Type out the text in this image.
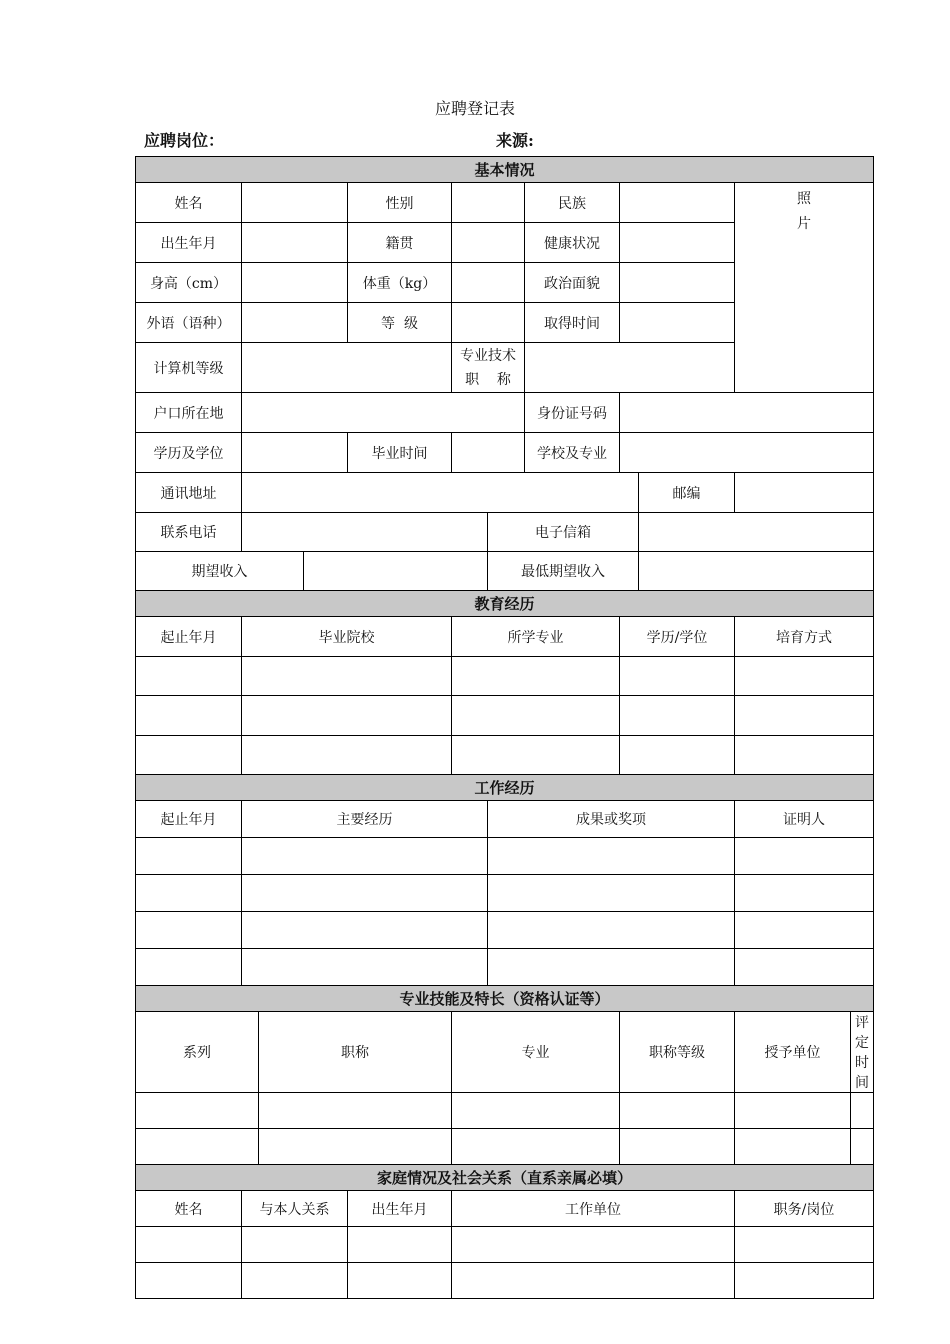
应聘登记表
应聘岗位：	来源:
基本情况											
姓名				性别			民族			照
片	

出生年月				籍贯			健康状况				
身高（cm）				体重（kg）			政治面貌				
外语（语种）				等  级			取得时间				
计算机等级					专业技术
职    称						

户口所在地							身份证号码				
学历及学位				毕业时间			学校及专业				
通讯地址									邮编		
联系电话						电子信箱					
期望收入						最低期望收入					
教育经历											
起止年月	毕业院校				所学专业			学历/学位		培育方式	

工作经历											
起止年月	主要经历					成果或奖项				证明人	

专业技能及特长（资格认证等）											
系列		职称			专业			职称等级		授予单位	评定时间

家庭情况及社会关系（直系亲属必填）											
姓名	与本人关系			出生年月	工作单位					职务/岗位	
